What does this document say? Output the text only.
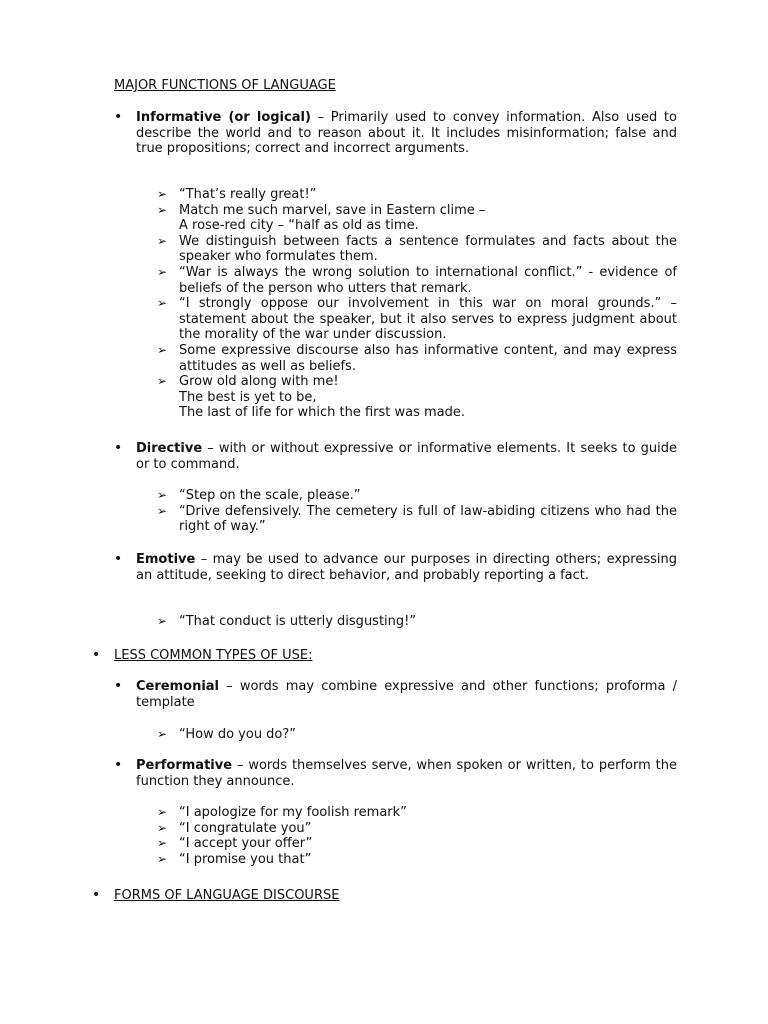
MAJOR FUNCTIONS OF LANGUAGE
• Informative (or logical) – Primarily used to convey information. Also used to describe the world and to reason about it. It includes misinformation; false and true propositions; correct and incorrect arguments.
➢ “That’s really great!”
➢ Match me such marvel, save in Eastern clime –
A rose-red city – “half as old as time.
➢ We distinguish between facts a sentence formulates and facts about the speaker who formulates them.
➢ “War is always the wrong solution to international conflict.” - evidence of beliefs of the person who utters that remark.
➢ “I strongly oppose our involvement in this war on moral grounds.” –statement about the speaker, but it also serves to express judgment about the morality of the war under discussion.
➢ Some expressive discourse also has informative content, and may express attitudes as well as beliefs.
➢ Grow old along with me!
The best is yet to be,
The last of life for which the first was made.
• Directive – with or without expressive or informative elements. It seeks to guide or to command.
➢ “Step on the scale, please.”
➢ “Drive defensively. The cemetery is full of law-abiding citizens who had the right of way.”
• Emotive – may be used to advance our purposes in directing others; expressing an attitude, seeking to direct behavior, and probably reporting a fact.
➢ “That conduct is utterly disgusting!”
• LESS COMMON TYPES OF USE:
• Ceremonial – words may combine expressive and other functions; proforma / template
➢ “How do you do?”
• Performative – words themselves serve, when spoken or written, to perform the function they announce.
➢ “I apologize for my foolish remark”
➢ “I congratulate you”
➢ “I accept your offer”
➢ “I promise you that”
• FORMS OF LANGUAGE DISCOURSE
